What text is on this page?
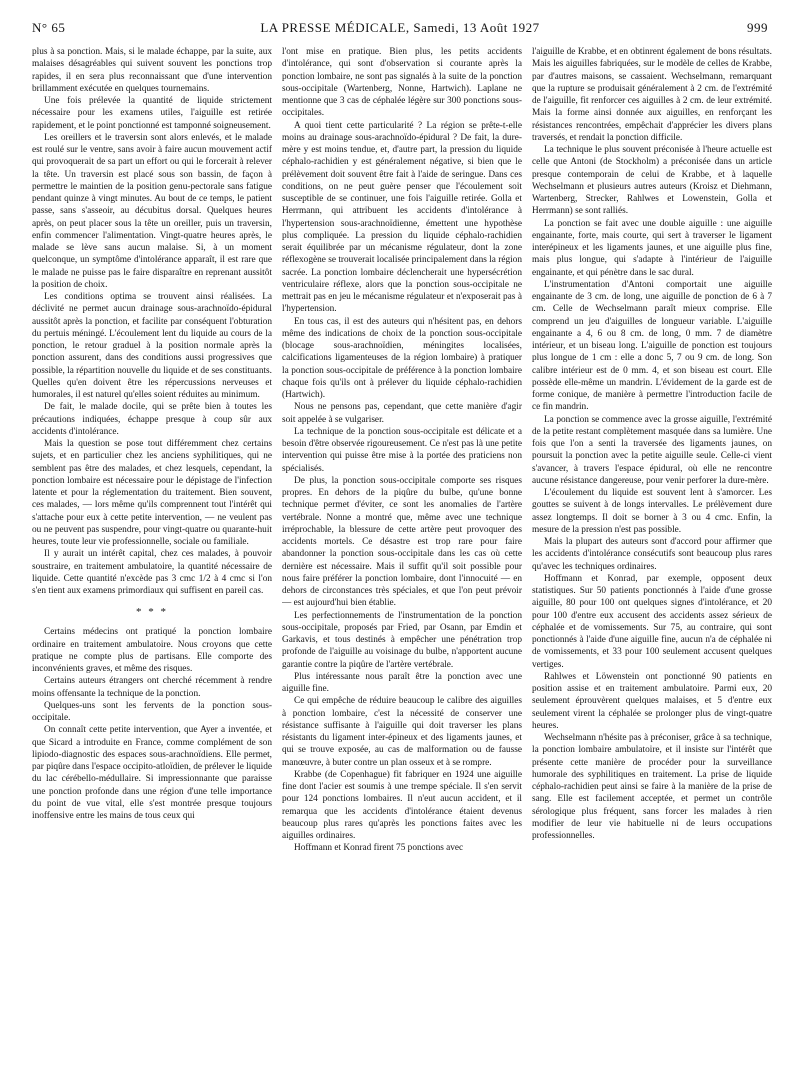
N° 65	LA PRESSE MÉDICALE, Samedi, 13 Août 1927	999

plus à sa ponction. Mais, si le malade échappe, par la suite, aux malaises désagréables qui suivent souvent les ponctions trop rapides, il en sera plus reconnaissant que d'une intervention brillamment exécutée en quelques tournemains.

Une fois prélevée la quantité de liquide strictement nécessaire pour les examens utiles, l'aiguille est retirée rapidement, et le point ponctionné est tamponné soigneusement.

Les oreillers et le traversin sont alors enlevés, et le malade est roulé sur le ventre, sans avoir à faire aucun mouvement actif qui provoquerait de sa part un effort ou qui le forcerait à relever la tête. Un traversin est placé sous son bassin, de façon à permettre le maintien de la position genu-pectorale sans fatigue pendant quinze à vingt minutes. Au bout de ce temps, le patient passe, sans s'asseoir, au décubitus dorsal. Quelques heures après, on peut placer sous la tête un oreiller, puis un traversin, enfin commencer l'alimentation. Vingt-quatre heures après, le malade se lève sans aucun malaise. Si, à un moment quelconque, un symptôme d'intolérance apparaît, il est rare que le malade ne puisse pas le faire disparaître en reprenant aussitôt la position de choix.

Les conditions optima se trouvent ainsi réalisées. La déclivité ne permet aucun drainage sous-arachnoïdo-épidural aussitôt après la ponction, et facilite par conséquent l'obturation du pertuis méningé. L'écoulement lent du liquide au cours de la ponction, le retour graduel à la position normale après la ponction assurent, dans des conditions aussi progressives que possible, la répartition nouvelle du liquide et de ses constituants. Quelles qu'en doivent être les répercussions nerveuses et humorales, il est naturel qu'elles soient réduites au minimum.

De fait, le malade docile, qui se prête bien à toutes les précautions indiquées, échappe presque à coup sûr aux accidents d'intolérance.

Mais la question se pose tout différemment chez certains sujets, et en particulier chez les anciens syphilitiques, qui ne semblent pas être des malades, et chez lesquels, cependant, la ponction lombaire est nécessaire pour le dépistage de l'infection latente et pour la réglementation du traitement. Bien souvent, ces malades, — lors même qu'ils comprennent tout l'intérêt qui s'attache pour eux à cette petite intervention, — ne veulent pas ou ne peuvent pas suspendre, pour vingt-quatre ou quarante-huit heures, toute leur vie professionnelle, sociale ou familiale.

Il y aurait un intérêt capital, chez ces malades, à pouvoir soustraire, en traitement ambulatoire, la quantité nécessaire de liquide. Cette quantité n'excède pas 3 cmc 1/2 à 4 cmc si l'on s'en tient aux examens primordiaux qui suffisent en pareil cas.

* * *

Certains médecins ont pratiqué la ponction lombaire ordinaire en traitement ambulatoire. Nous croyons que cette pratique ne compte plus de partisans. Elle comporte des inconvénients graves, et même des risques.

Certains auteurs étrangers ont cherché récemment à rendre moins offensante la technique de la ponction.

Quelques-uns sont les fervents de la ponction sous-occipitale.

On connaît cette petite intervention, que Ayer a inventée, et que Sicard a introduite en France, comme complément de son lipiodo-diagnostic des espaces sous-arachnoïdiens. Elle permet, par piqûre dans l'espace occipito-atloïdien, de prélever le liquide du lac cérébello-médullaire. Si impressionnante que paraisse une ponction profonde dans une région d'une telle importance du point de vue vital, elle s'est montrée presque toujours inoffensive entre les mains de tous ceux qui

l'ont mise en pratique. Bien plus, les petits accidents d'intolérance, qui sont d'observation si courante après la ponction lombaire, ne sont pas signalés à la suite de la ponction sous-occipitale (Wartenberg, Nonne, Hartwich). Laplane ne mentionne que 3 cas de céphalée légère sur 300 ponctions sous-occipitales.

A quoi tient cette particularité ? La région se prête-t-elle moins au drainage sous-arachnoïdo-épidural ? De fait, la dure-mère y est moins tendue, et, d'autre part, la pression du liquide céphalo-rachidien y est généralement négative, si bien que le prélèvement doit souvent être fait à l'aide de seringue. Dans ces conditions, on ne peut guère penser que l'écoulement soit susceptible de se continuer, une fois l'aiguille retirée. Golla et Herrmann, qui attribuent les accidents d'intolérance à l'hypertension sous-arachnoïdienne, émettent une hypothèse plus compliquée. La pression du liquide céphalo-rachidien serait équilibrée par un mécanisme régulateur, dont la zone réflexogène se trouverait localisée principalement dans la région sacrée. La ponction lombaire déclencherait une hypersécrétion ventriculaire réflexe, alors que la ponction sous-occipitale ne mettrait pas en jeu le mécanisme régulateur et n'exposerait pas à l'hypertension.

En tous cas, il est des auteurs qui n'hésitent pas, en dehors même des indications de choix de la ponction sous-occipitale (blocage sous-arachnoïdien, méningites localisées, calcifications ligamenteuses de la région lombaire) à pratiquer la ponction sous-occipitale de préférence à la ponction lombaire chaque fois qu'ils ont à prélever du liquide céphalo-rachidien (Hartwich).

Nous ne pensons pas, cependant, que cette manière d'agir soit appelée à se vulgariser.

La technique de la ponction sous-occipitale est délicate et a besoin d'être observée rigoureusement. Ce n'est pas là une petite intervention qui puisse être mise à la portée des praticiens non spécialisés.

De plus, la ponction sous-occipitale comporte ses risques propres. En dehors de la piqûre du bulbe, qu'une bonne technique permet d'éviter, ce sont les anomalies de l'artère vertébrale. Nonne a montré que, même avec une technique irréprochable, la blessure de cette artère peut provoquer des accidents mortels. Ce désastre est trop rare pour faire abandonner la ponction sous-occipitale dans les cas où cette dernière est nécessaire. Mais il suffit qu'il soit possible pour nous faire préférer la ponction lombaire, dont l'innocuité — en dehors de circonstances très spéciales, et que l'on peut prévoir — est aujourd'hui bien établie.

Les perfectionnements de l'instrumentation de la ponction sous-occipitale, proposés par Fried, par Osann, par Emdin et Garkavis, et tous destinés à empêcher une pénétration trop profonde de l'aiguille au voisinage du bulbe, n'apportent aucune garantie contre la piqûre de l'artère vertébrale.

Plus intéressante nous paraît être la ponction avec une aiguille fine.

Ce qui empêche de réduire beaucoup le calibre des aiguilles à ponction lombaire, c'est la nécessité de conserver une résistance suffisante à l'aiguille qui doit traverser les plans résistants du ligament inter-épineux et des ligaments jaunes, et qui se trouve exposée, au cas de malformation ou de fausse manœuvre, à buter contre un plan osseux et à se rompre.

Krabbe (de Copenhague) fit fabriquer en 1924 une aiguille fine dont l'acier est soumis à une trempe spéciale. Il s'en servit pour 124 ponctions lombaires. Il n'eut aucun accident, et il remarqua que les accidents d'intolérance étaient devenus beaucoup plus rares qu'après les ponctions faites avec les aiguilles ordinaires.

Hoffmann et Konrad firent 75 ponctions avec

l'aiguille de Krabbe, et en obtinrent également de bons résultats. Mais les aiguilles fabriquées, sur le modèle de celles de Krabbe, par d'autres maisons, se cassaient. Wechselmann, remarquant que la rupture se produisait généralement à 2 cm. de l'extrémité de l'aiguille, fit renforcer ces aiguilles à 2 cm. de leur extrémité. Mais la forme ainsi donnée aux aiguilles, en renforçant les résistances rencontrées, empêchait d'apprécier les divers plans traversés, et rendait la ponction difficile.

La technique le plus souvent préconisée à l'heure actuelle est celle que Antoni (de Stockholm) a préconisée dans un article presque contemporain de celui de Krabbe, et à laquelle Wechselmann et plusieurs autres auteurs (Kroisz et Diehmann, Wartenberg, Strecker, Rahlwes et Lowenstein, Golla et Herrmann) se sont ralliés.

La ponction se fait avec une double aiguille : une aiguille engainante, forte, mais courte, qui sert à traverser le ligament interépineux et les ligaments jaunes, et une aiguille plus fine, mais plus longue, qui s'adapte à l'intérieur de l'aiguille engainante, et qui pénètre dans le sac dural.

L'instrumentation d'Antoni comportait une aiguille engainante de 3 cm. de long, une aiguille de ponction de 6 à 7 cm. Celle de Wechselmann paraît mieux comprise. Elle comprend un jeu d'aiguilles de longueur variable. L'aiguille engainante a 4, 6 ou 8 cm. de long, 0 mm. 7 de diamètre intérieur, et un biseau long. L'aiguille de ponction est toujours plus longue de 1 cm : elle a donc 5, 7 ou 9 cm. de long. Son calibre intérieur est de 0 mm. 4, et son biseau est court. Elle possède elle-même un mandrin. L'évidement de la garde est de forme conique, de manière à permettre l'introduction facile de ce fin mandrin.

La ponction se commence avec la grosse aiguille, l'extrémité de la petite restant complètement masquée dans sa lumière. Une fois que l'on a senti la traversée des ligaments jaunes, on poursuit la ponction avec la petite aiguille seule. Celle-ci vient s'avancer, à travers l'espace épidural, où elle ne rencontre aucune résistance dangereuse, pour venir perforer la dure-mère.

L'écoulement du liquide est souvent lent à s'amorcer. Les gouttes se suivent à de longs intervalles. Le prélèvement dure assez longtemps. Il doit se borner à 3 ou 4 cmc. Enfin, la mesure de la pression n'est pas possible.

Mais la plupart des auteurs sont d'accord pour affirmer que les accidents d'intolérance consécutifs sont beaucoup plus rares qu'avec les techniques ordinaires.

Hoffmann et Konrad, par exemple, opposent deux statistiques. Sur 50 patients ponctionnés à l'aide d'une grosse aiguille, 80 pour 100 ont quelques signes d'intolérance, et 20 pour 100 d'entre eux accusent des accidents assez sérieux de céphalée et de vomissements. Sur 75, au contraire, qui sont ponctionnés à l'aide d'une aiguille fine, aucun n'a de céphalée ni de vomissements, et 33 pour 100 seulement accusent quelques vertiges.

Rahlwes et Löwenstein ont ponctionné 90 patients en position assise et en traitement ambulatoire. Parmi eux, 20 seulement éprouvèrent quelques malaises, et 5 d'entre eux seulement virent la céphalée se prolonger plus de vingt-quatre heures.

Wechselmann n'hésite pas à préconiser, grâce à sa technique, la ponction lombaire ambulatoire, et il insiste sur l'intérêt que présente cette manière de procéder pour la surveillance humorale des syphilitiques en traitement. La prise de liquide céphalo-rachidien peut ainsi se faire à la manière de la prise de sang. Elle est facilement acceptée, et permet un contrôle sérologique plus fréquent, sans forcer les malades à rien modifier de leur vie habituelle ni de leurs occupations professionnelles.
